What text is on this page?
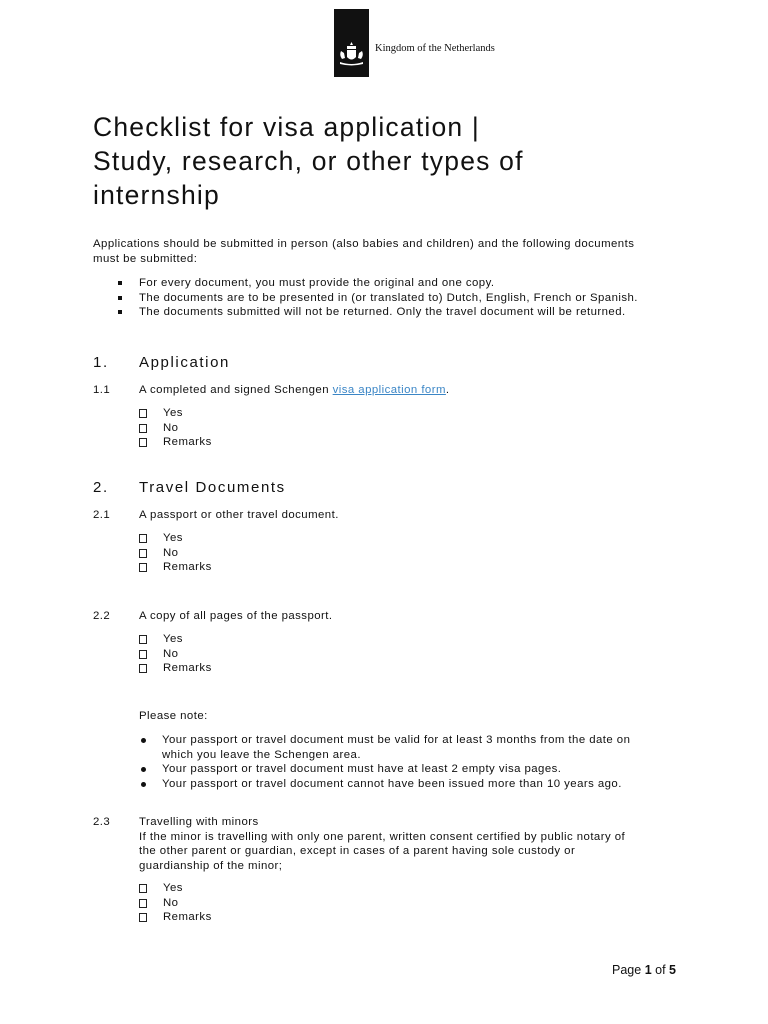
Kingdom of the Netherlands
Checklist for visa application |
Study, research, or other types of
internship
Applications should be submitted in person (also babies and children) and the following documents
must be submitted:
For every document, you must provide the original and one copy.
The documents are to be presented in (or translated to) Dutch, English, French or Spanish.
The documents submitted will not be returned. Only the travel document will be returned.
1. Application
1.1	A completed and signed Schengen visa application form.
Yes
No
Remarks
2. Travel Documents
2.1	A passport or other travel document.
Yes
No
Remarks
2.2	A copy of all pages of the passport.
Yes
No
Remarks
Please note:
Your passport or travel document must be valid for at least 3 months from the date on
which you leave the Schengen area.
Your passport or travel document must have at least 2 empty visa pages.
Your passport or travel document cannot have been issued more than 10 years ago.
2.3	Travelling with minors
If the minor is travelling with only one parent, written consent certified by public notary of
the other parent or guardian, except in cases of a parent having sole custody or
guardianship of the minor;
Yes
No
Remarks
Page 1 of 5
